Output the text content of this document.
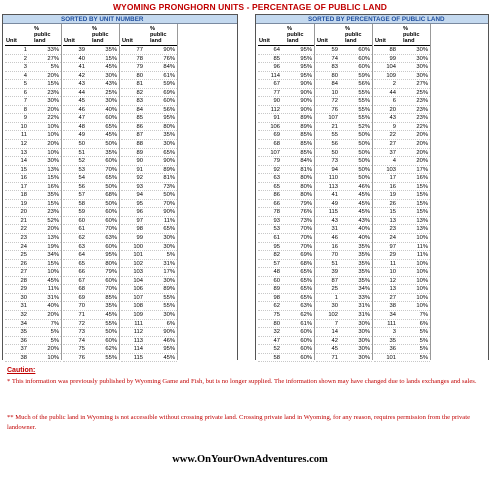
WYOMING PRONGHORN UNITS - PERCENTAGE OF PUBLIC LAND
SORTED BY UNIT NUMBER
Unit
%
public
land
1	33%
2	27%
3	5%
4	20%
5	15%
6	23%
7	30%
8	20%
9	22%
10	10%
11	10%
12	20%
13	10%
14	30%
15	13%
16	15%
17	16%
18	35%
19	15%
20	23%
21	52%
22	20%
23	13%
24	19%
25	34%
26	15%
27	10%
28	45%
29	11%
30	31%
31	40%
32	20%
34	7%
35	5%
36	5%
37	20%
38	10%
Unit
%
public
land
39	35%
40	15%
41	45%
42	30%
43	43%
44	25%
45	30%
46	40%
47	60%
48	65%
49	45%
50	50%
51	35%
52	60%
53	70%
54	65%
56	50%
57	68%
58	50%
59	60%
60	60%
61	70%
62	63%
63	60%
64	95%
65	80%
66	79%
67	60%
68	70%
69	85%
70	35%
71	45%
72	55%
73	50%
74	60%
75	62%
76	55%
Unit
%
public
land
77	90%
78	76%
79	84%
80	61%
81	59%
82	69%
83	60%
84	56%
85	95%
86	80%
87	35%
88	30%
89	65%
90	90%
91	89%
92	81%
93	73%
94	50%
95	70%
96	90%
97	11%
98	65%
99	30%
100	30%
101	5%
102	31%
103	17%
104	30%
106	89%
107	55%
108	55%
109	30%
111	6%
112	90%
113	46%
114	95%
115	45%
SORTED BY PERCENTAGE OF PUBLIC LAND
Unit
%
public
land
64	95%
85	95%
96	95%
114	95%
67	90%
77	90%
90	90%
112	90%
91	89%
106	89%
69	85%
68	85%
107	85%
79	84%
92	81%
63	80%
65	80%
86	80%
66	79%
78	76%
93	73%
53	70%
61	70%
95	70%
82	69%
57	68%
48	65%
60	65%
89	65%
98	65%
62	63%
75	62%
80	61%
32	60%
47	60%
52	60%
58	60%
Unit
%
public
land
59	60%
74	60%
83	60%
80	59%
84	56%
10	55%
72	55%
76	55%
107	55%
21	52%
55	50%
56	50%
50	50%
73	50%
94	50%
110	50%
113	46%
41	45%
49	45%
115	45%
43	43%
31	40%
46	40%
16	35%
70	35%
51	35%
39	35%
87	35%
25	34%
1	33%
30	31%
102	31%
7	30%
14	30%
42	30%
45	30%
71	30%
Unit
%
public
land
88	30%
99	30%
104	30%
109	30%
2	27%
44	25%
6	23%
20	23%
43	23%
9	22%
22	20%
27	20%
37	20%
4	20%
103	17%
17	16%
16	15%
19	15%
26	15%
15	15%
13	13%
23	13%
24	10%
97	11%
29	11%
11	10%
10	10%
12	10%
13	10%
27	10%
38	10%
34	7%
111	6%
3	5%
35	5%
36	5%
101	5%
Caution:
* This information was previously published by Wyoming Game and Fish, but is no longer supplied. The information shown may have changed due to lands exchanges and sales.
** Much of the public land in Wyoming is not accessible without crossing private land. Crossing private land in Wyoming, for any reason, requires permission from the private landowner.
www.OnYourOwnAdventures.com
